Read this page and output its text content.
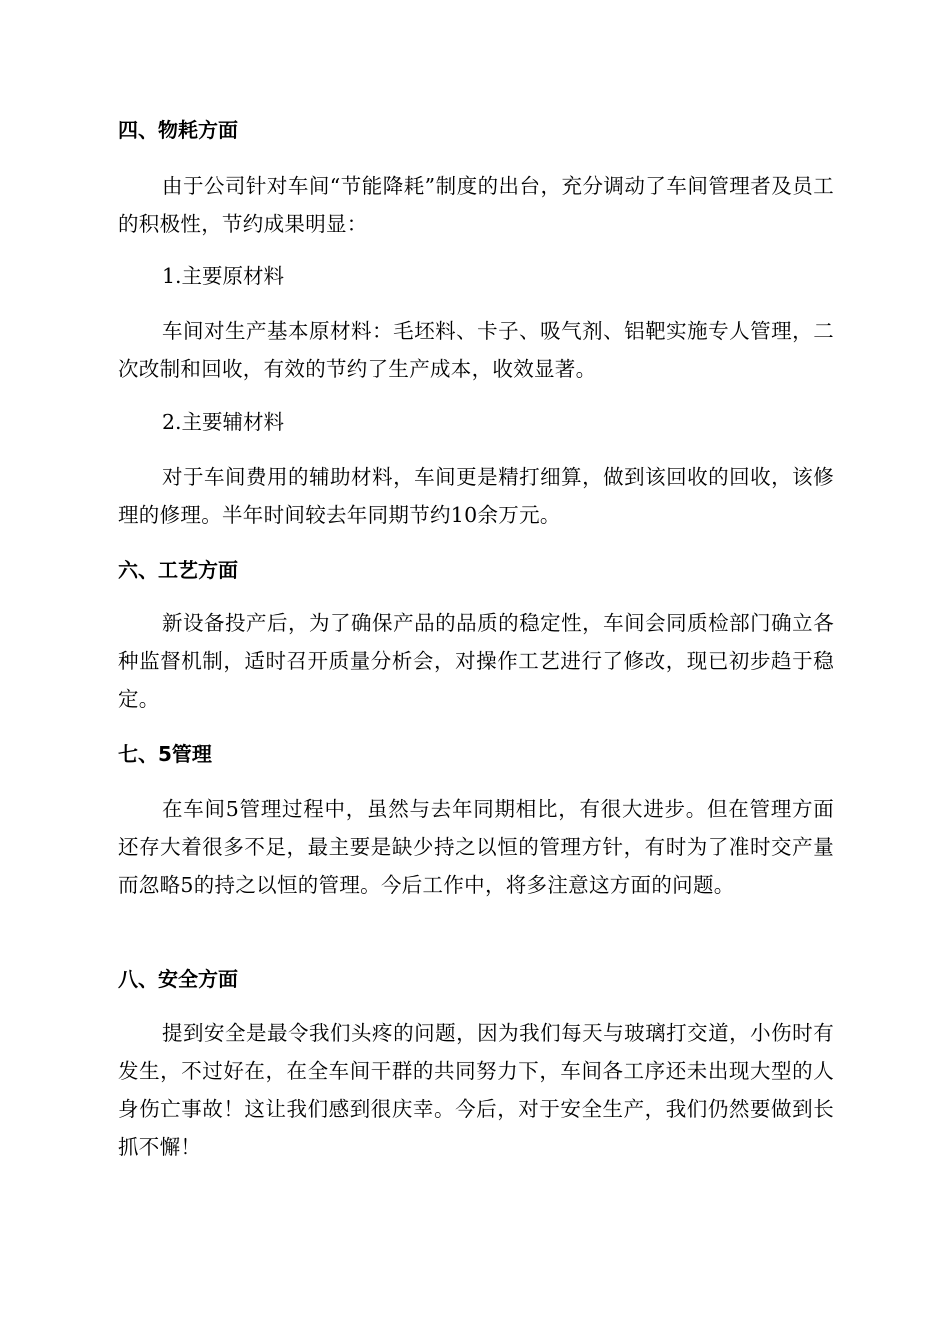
四、物耗方面

由于公司针对车间“节能降耗”制度的出台，充分调动了车间管理者及员工的积极性，节约成果明显：

1.主要原材料

车间对生产基本原材料：毛坯料、卡子、吸气剂、铝靶实施专人管理，二次改制和回收，有效的节约了生产成本，收效显著。

2.主要辅材料

对于车间费用的辅助材料，车间更是精打细算，做到该回收的回收，该修理的修理。半年时间较去年同期节约10余万元。

六、工艺方面

新设备投产后，为了确保产品的品质的稳定性，车间会同质检部门确立各种监督机制，适时召开质量分析会，对操作工艺进行了修改，现已初步趋于稳定。

七、5管理

在车间5管理过程中，虽然与去年同期相比，有很大进步。但在管理方面还存大着很多不足，最主要是缺少持之以恒的管理方针，有时为了准时交产量而忽略5的持之以恒的管理。今后工作中，将多注意这方面的问题。

八、安全方面

提到安全是最令我们头疼的问题，因为我们每天与玻璃打交道，小伤时有发生，不过好在，在全车间干群的共同努力下，车间各工序还未出现大型的人身伤亡事故！这让我们感到很庆幸。今后，对于安全生产，我们仍然要做到长抓不懈！
